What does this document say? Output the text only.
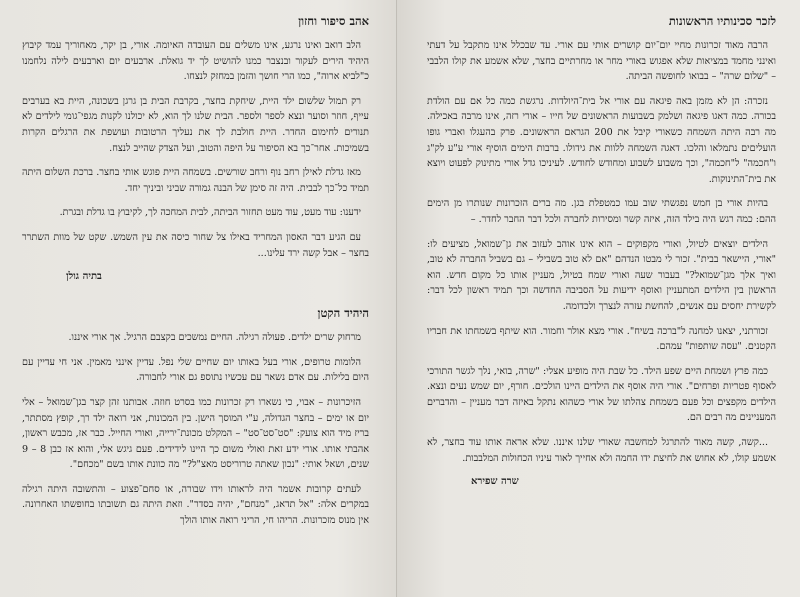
אהב סיפור וחזון

הלב דואב ואינו נרגע, אינו משלים עם העובדה האיומה. אורי, בן יקר, מאחוריך עמד קיבוץ היהיד הירים לעקור ובנצבר כמנו להושיט לך יד גואלת. ארבעים יום וארבעים לילה נלחמנו כ"לביא ארוה", כמו הרי חושך והזמן במחזק לנצחו.

רק תמול שלשום ילד היית, שיחקת בחצר, בקרבת הבית בן גרגן בשכונה, היית בא בערבים עייף, חוזר וסוער ונצא לספר ולספר. הבית שלנו לך הוא, לא יכולנו לקנות מגפי־גומי לילדים לא תנורים לחימום החדר. היית חולבת לך את נעליך הרטובות ועושפת את הרגלים הקרות בשמיכות. אחר־כך בא הסיפור על היפה והטוב, ועל הצדק שהייב לנצח.

מאז גדלת לאילן רחב נוף ורחב שורשים. בשמחה היית פוגש אותי בחצר. ברכת השלום היתה תמיד כל־כך לבבית. היה זה סימן של הבנה גמורה שביני וביניך יחד.

ידענו: עוד מעט, עוד מעט תחזור הביתה, לבית המחכה לך, לקיבוץ בו גדלת ובגרת.

עם הגיע דבר האסון המחריד באילו צל שחור כיסה את עין השמש. שקט של מוות השתרר בחצר – אבל קשה ירד עלינו...

בתיה גולן
היהיד הקטן

מרחוק שרים ילדים. פעולה רגילה. החיים נמשכים בקצבם הרגיל. אך אורי איננו.

הלומות טרופים, אורי בעל באותו יום שחיים שלי נפל. עדיין אינני מאמין. אני חי עדיין עם היום בלילות. עם אדם נשאר עם עכשיו נתוספ גם אורי לחבורה.

הזיכרונות – אבוי, כי נשארו רק זכרונות כמו בסרט חוזה. אבותנו זהן קצר בגן־שמואל – אלי יום או ימים – בחצר הגדולה, ע"י המוסך הישן. בין המכונות, אני רואה ילד רך, קופץ מסתתר, בריז מיד הוא צועק: "סט־סט־סט" – המקלט מכונת־ירייה, ואורי החייל. כבר אז, מכבש ראשון, אהבתי אותו. אורי ידע זאת ואולי משום כך היינו לידידים. פעם גיגש אלי, והוא אז כבן 8 – 9 שנים, ושאל אותי: "נכון שאתה טרוריסט מאצ"ל?" מה כוונת אותו בשם "מכחם".

לעתים קרובות אשמר היה לראותו וידו שבורה, או סחם־פצוע – והתשובה היתה רגילה במקרים אלה: "אל תדאג, "מנחם", יהיה בסדר". וזאת היתה גם תשובתו בחופשתו האחרונה. אין מנוס מזכרונות. הריהו חי, הריני רואה אותו הולך

לזכר סכינותיו הראשונות

הרבה מאוד זכרונות מחיי יום־יום קושרים אותי עם אורי. עד שבכלל אינו מתקבל על דעתי ואינני מחמד במציאות שלא אפגוש באורי מחר או מחרתיים בחצר, שלא אשמע את קולו הלבבי – "שלום שרה" – בבואו לחופשה הביתה.

נזכרה: הן לא מזמן באה פיגאה עם אורי אל בית־היולדות. נרגשת כמה כל אם עם הולדת בכורה. כמה דאגו פיגאה ושלמק בשבועות הראשונים של חייו – אורי רזה, אינו מרבה באכילה. מה רבה היתה השמחה כשאורי קיבל את 200 הגראם הראשונים. פרק בהעגלו ואברי גופו הועליםים נתמלאו והלכו. דאגה השמחה ללוות את גידולו. ברבות הימים הוסיף אורי ע"ע לק"ג ו"חכמה" ל"חכמה", וכך משבוע לשבוע ומחודש לחודש. לעיניכו גדל אורי מתינוק לפעוט ויוצא את בית־התינוקות.

בהיות אורי בן חמש נפגשתי שוב עמו כמטפלת בגן. מה ברים הזכרונות שנותרו מן הימים ההם: כמה רגש היה בילד הזה, איזה קשר ומסירות לחברה ולכל דבר החבר לחדר. –

הילדים יוצאים לטיול, ואורי מקפוקים – הוא אינו אוהב לעזוב את גן־שמואל, מציעים לו: "אורי, היישאר בבית". זכור לי מבטו הנדהם "אם לא טוב בשבילי – גם בשביל החברה לא טוב, ואיך אלך מגן־שמואל?" בעבור שעה ואורי שמח בטיול, מעניין אותו כל מקום חדש. הוא הראשון בין הילדים המתעניין ואוסף ידיעות על הסביבה החדשה וכך תמיד ראשון לכל דבר: לקשירת יחסים עם אנשים, להחשת עזרה לנצרך ולכדומה.

זכורתני, יצאנו למחנה ל"ברכה בשיח". אורי מצא אולר וחמור. הוא שיתף בשמחתו את חבריו הקטנים. "עסה שותפות" עמהם.

כמה פרץ ושמחת היים שפע הילד. כל שבת היה מופיע אצלי: "שרה, בואי, נלך לגשר התורכי לאסוף פטריות ופרחים". אורי היה אוסף את הילדים היינו הולכים. חורף, יום שמש נעים ונצא. הילדים מקפצים וכל פעם בשמחת צהלתו של אורי כשהוא נתקל באיזה דבר מעניין – והדברים המעניינים מה רבים הם.

...קשה, קשה מאוד להתרגל למחשבה שאורי שלנו איננו. שלא אראה אותו עוד בחצר, לא אשמע קולו, לא אחוש את לחיצת ידו החמה ולא אחייך לאור עיניו הכחולות המלבבות.

שרה שפירא
